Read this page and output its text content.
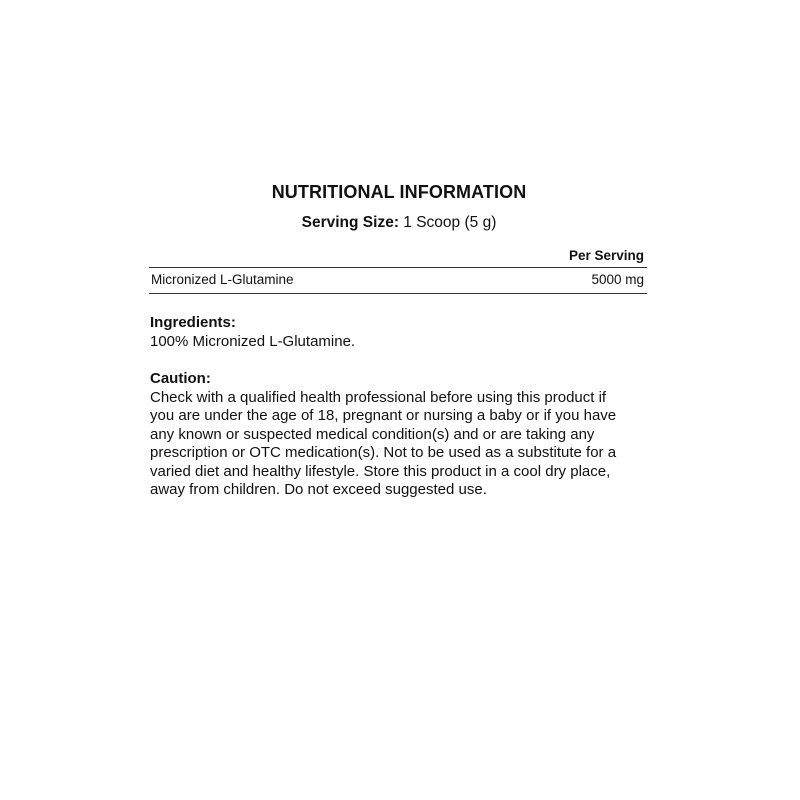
NUTRITIONAL INFORMATION
Serving Size: 1 Scoop (5 g)
Per Serving
Micronized L-Glutamine	5000 mg
Ingredients:
100% Micronized L-Glutamine.
Caution:
Check with a qualified health professional before using this product if
you are under the age of 18, pregnant or nursing a baby or if you have
any known or suspected medical condition(s) and or are taking any
prescription or OTC medication(s). Not to be used as a substitute for a
varied diet and healthy lifestyle. Store this product in a cool dry place,
away from children. Do not exceed suggested use.
